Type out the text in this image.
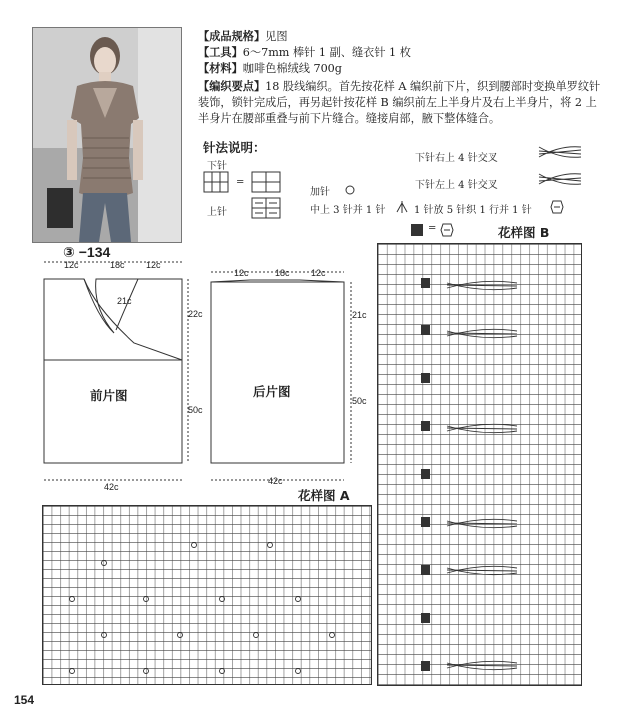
【成品规格】见图
【工具】6～7mm 棒针 1 副、缝衣针 1 枚
【材料】咖啡色棉绒线 700g
【编织要点】18 股线编织。首先按花样 A 编织前下片，织到腰部时变换单罗纹针
装饰，锁针完成后，再另起针按花样 B 编织前左上半身片及右上半身片，将 2 上
半身片在腰部重叠与前下片缝合。缝接肩部，腋下整体缝合。
针法说明：
下针
=
上针
加针
中上 3 针并 1 针	1 针放 5 针织 1 行并 1 针
下针右上 4 针交叉
下针左上 4 针交叉
③ −134
12c	18c 12c
21c
22c
50c
42c
前片图
12c	18c 12c
21c
50c
42c
后片图
花样图 A
=	花样图 B
154
